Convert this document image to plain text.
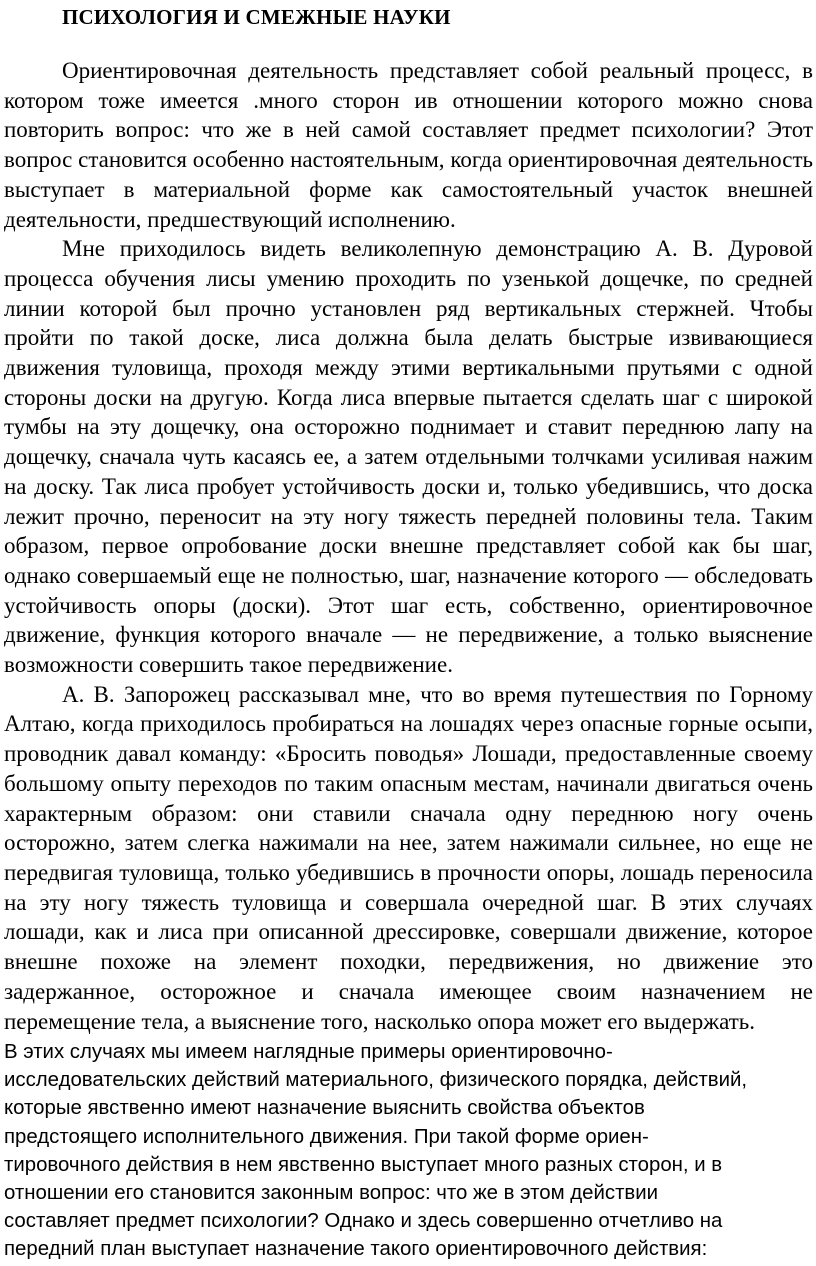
ПСИХОЛОГИЯ И СМЕЖНЫЕ НАУКИ

Ориентировочная деятельность представляет собой реальный процесс, в котором тоже имеется .много сторон ив отношении которого можно снова повторить вопрос: что же в ней самой составляет предмет психологии? Этот вопрос становится особенно настоятельным, когда ориентировочная деятельность выступает в материальной форме как самостоятельный участок внешней деятельности, предшествующий исполнению.

Мне приходилось видеть великолепную демонстрацию А. В. Дуровой процесса обучения лисы умению проходить по узенькой дощечке, по средней линии которой был прочно установлен ряд вертикальных стержней. Чтобы пройти по такой доске, лиса должна была делать быстрые извивающиеся движения туловища, проходя между этими вертикальными прутьями с одной стороны доски на другую. Когда лиса впервые пытается сделать шаг с широкой тумбы на эту дощечку, она осторожно поднимает и ставит переднюю лапу на дощечку, сначала чуть касаясь ее, а затем отдельными толчками усиливая нажим на доску. Так лиса пробует устойчивость доски и, только убедившись, что доска лежит прочно, переносит на эту ногу тяжесть передней половины тела. Таким образом, первое опробование доски внешне представляет собой как бы шаг, однако совершаемый еще не полностью, шаг, назначение которого — обследовать устойчивость опоры (доски). Этот шаг есть, собственно, ориентировочное движение, функция которого вначале — не передвижение, а только выяснение возможности совершить такое передвижение.

А. В. Запорожец рассказывал мне, что во время путешествия по Горному Алтаю, когда приходилось пробираться на лошадях через опасные горные осыпи, проводник давал команду: «Бросить поводья» Лошади, предоставленные своему большому опыту переходов по таким опасным местам, начинали двигаться очень характерным образом: они ставили сначала одну переднюю ногу очень осторожно, затем слегка нажимали на нее, затем нажимали сильнее, но еще не передвигая туловища, только убедившись в прочности опоры, лошадь переносила на эту ногу тяжесть туловища и совершала очередной шаг. В этих случаях лошади, как и лиса при описанной дрессировке, совершали движение, которое внешне похоже на элемент походки, передвижения, но движение это задержанное, осторожное и сначала имеющее своим назначением не перемещение тела, а выяснение того, насколько опора может его выдержать.

В этих случаях мы имеем наглядные примеры ориентировочно-

исследовательских действий материального, физического порядка, действий,

которые явственно имеют назначение выяснить свойства объектов

предстоящего исполнительного движения. При такой форме ориен-

тировочного действия в нем явственно выступает много разных сторон, и в

отношении его становится законным вопрос: что же в этом действии

составляет предмет психологии? Однако и здесь совершенно отчетливо на

передний план выступает назначение такого ориентировочного действия:
